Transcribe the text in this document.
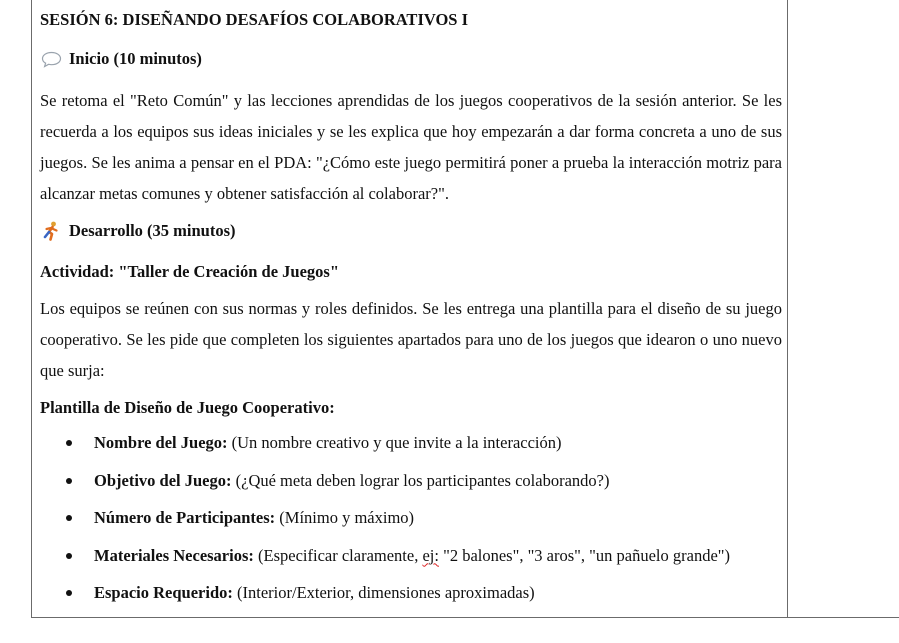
SESIÓN 6: DISEÑANDO DESAFÍOS COLABORATIVOS I
Inicio (10 minutos)
Se retoma el "Reto Común" y las lecciones aprendidas de los juegos cooperativos de la sesión anterior. Se les recuerda a los equipos sus ideas iniciales y se les explica que hoy empezarán a dar forma concreta a uno de sus juegos. Se les anima a pensar en el PDA: "¿Cómo este juego permitirá poner a prueba la interacción motriz para alcanzar metas comunes y obtener satisfacción al colaborar?".
Desarrollo (35 minutos)
Actividad: "Taller de Creación de Juegos"
Los equipos se reúnen con sus normas y roles definidos. Se les entrega una plantilla para el diseño de su juego cooperativo. Se les pide que completen los siguientes apartados para uno de los juegos que idearon o uno nuevo que surja:
Plantilla de Diseño de Juego Cooperativo:
Nombre del Juego: (Un nombre creativo y que invite a la interacción)
Objetivo del Juego: (¿Qué meta deben lograr los participantes colaborando?)
Número de Participantes: (Mínimo y máximo)
Materiales Necesarios: (Especificar claramente, ej: "2 balones", "3 aros", "un pañuelo grande")
Espacio Requerido: (Interior/Exterior, dimensiones aproximadas)
